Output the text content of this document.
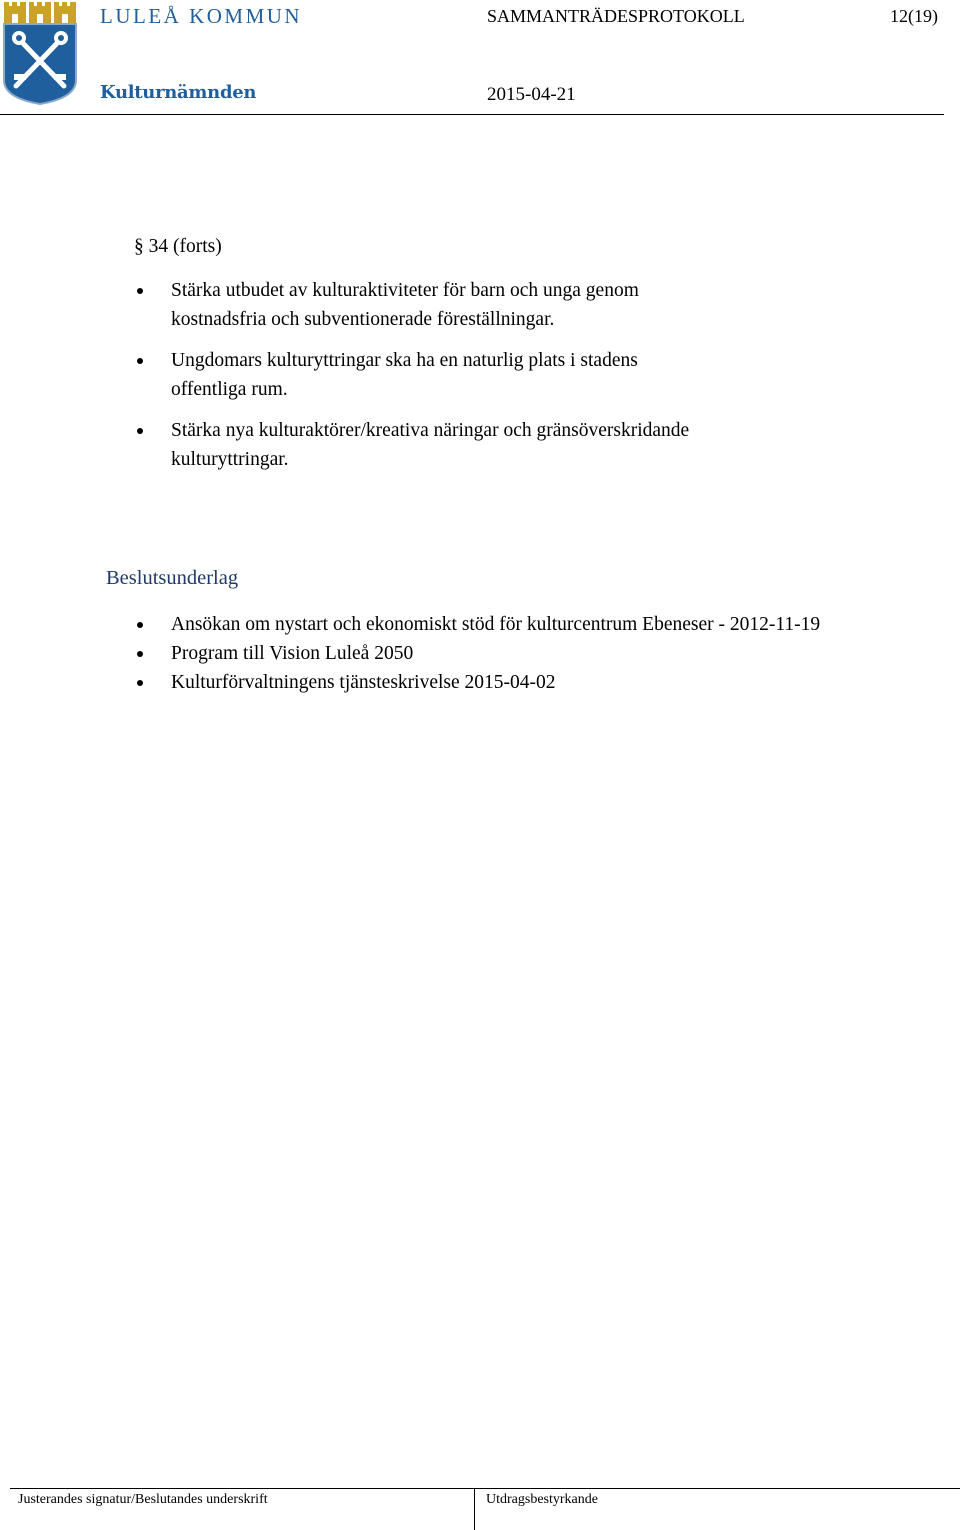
LULEÅ KOMMUN	SAMMANTRÄDESPROTOKOLL	12(19)
Kulturnämnden	2015-04-21
§ 34 (forts)
Stärka utbudet av kulturaktiviteter för barn och unga genom kostnadsfria och subventionerade föreställningar.
Ungdomars kulturyttringar ska ha en naturlig plats i stadens offentliga rum.
Stärka nya kulturaktörer/kreativa näringar och gränsöverskridande kulturyttringar.
Beslutsunderlag
Ansökan om nystart och ekonomiskt stöd för kulturcentrum Ebeneser - 2012-11-19
Program till Vision Luleå 2050
Kulturförvaltningens tjänsteskrivelse 2015-04-02
Justerandes signatur/Beslutandes underskrift	Utdragsbestyrkande
